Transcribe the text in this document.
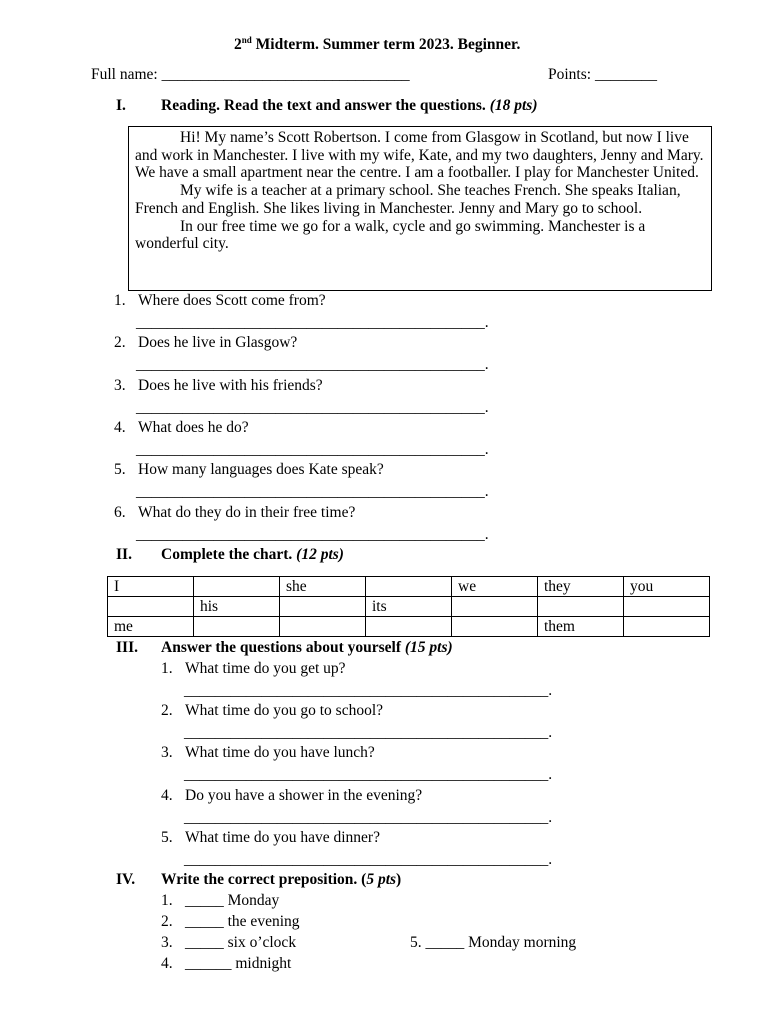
2nd Midterm. Summer term 2023. Beginner.
Full name: ________________________________	Points: ________
I. Reading. Read the text and answer the questions. (18 pts)

Hi! My name’s Scott Robertson. I come from Glasgow in Scotland, but now I live and work in Manchester. I live with my wife, Kate, and my two daughters, Jenny and Mary. We have a small apartment near the centre. I am a footballer. I play for Manchester United.

My wife is a teacher at a primary school. She teaches French. She speaks Italian, French and English. She likes living in Manchester. Jenny and Mary go to school.

In our free time we go for a walk, cycle and go swimming. Manchester is a wonderful city.

1. Where does Scott come from?
_____________________________________________.
2. Does he live in Glasgow?
_____________________________________________.
3. Does he live with his friends?
_____________________________________________.
4. What does he do?
_____________________________________________.
5. How many languages does Kate speak?
_____________________________________________.
6. What do they do in their free time?
_____________________________________________.
II. Complete the chart. (12 pts)
I		she		we	they	you
	his		its			
me					them	
III. Answer the questions about yourself (15 pts)
1. What time do you get up?
_______________________________________________.
2. What time do you go to school?
_______________________________________________.
3. What time do you have lunch?
_______________________________________________.
4. Do you have a shower in the evening?
_______________________________________________.
5. What time do you have dinner?
_______________________________________________.
IV. Write the correct preposition. (5 pts)
1. _____ Monday
2. _____ the evening
3. _____ six o’clock	5. _____ Monday morning
4. ______ midnight
